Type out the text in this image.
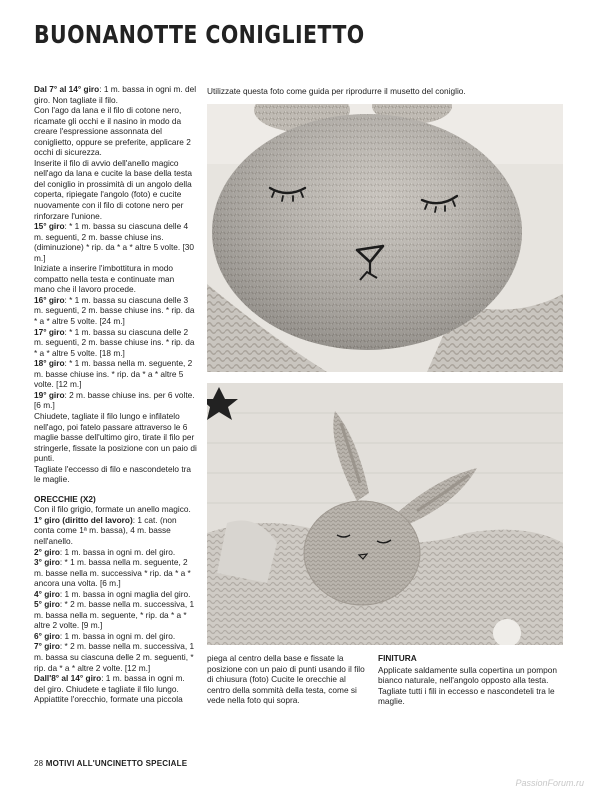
BUONANOTTE CONIGLIETTO

Dal 7° al 14° giro: 1 m. bassa in ogni m. del giro. Non tagliate il filo.

Con l'ago da lana e il filo di cotone nero, ricamate gli occhi e il nasino in modo da creare l'espressione assonnata del coniglietto, oppure se preferite, applicare 2 occhi di sicurezza.

Inserite il filo di avvio dell'anello magico nell'ago da lana e cucite la base della testa del coniglio in prossimità di un angolo della coperta, ripiegate l'angolo (foto) e cucite nuovamente con il filo di cotone nero per rinforzare l'unione.

15° giro: * 1 m. bassa su ciascuna delle 4 m. seguenti, 2 m. basse chiuse ins. (diminuzione) * rip. da * a * altre 5 volte. [30 m.]

Iniziate a inserire l'imbottitura in modo compatto nella testa e continuate man mano che il lavoro procede.

16° giro: * 1 m. bassa su ciascuna delle 3 m. seguenti, 2 m. basse chiuse ins. * rip. da * a * altre 5 volte. [24 m.]

17° giro: * 1 m. bassa su ciascuna delle 2 m. seguenti, 2 m. basse chiuse ins. * rip. da * a * altre 5 volte. [18 m.]

18° giro: * 1 m. bassa nella m. seguente, 2 m. basse chiuse ins. * rip. da * a * altre 5 volte. [12 m.]

19° giro: 2 m. basse chiuse ins. per 6 volte. [6 m.]

Chiudete, tagliate il filo lungo e infilatelo nell'ago, poi fatelo passare attraverso le 6 maglie basse dell'ultimo giro, tirate il filo per stringerle, fissate la posizione con un paio di punti.

Tagliate l'eccesso di filo e nascondetelo tra le maglie.

ORECCHIE (X2)

Con il filo grigio, formate un anello magico.

1° giro (diritto del lavoro): 1 cat. (non conta come 1ª m. bassa), 4 m. basse nell'anello.

2° giro: 1 m. bassa in ogni m. del giro.

3° giro: * 1 m. bassa nella m. seguente, 2 m. basse nella m. successiva * rip. da * a * ancora una volta. [6 m.]

4° giro: 1 m. bassa in ogni maglia del giro.

5° giro: * 2 m. basse nella m. successiva, 1 m. bassa nella m. seguente, * rip. da * a * altre 2 volte. [9 m.]

6° giro: 1 m. bassa in ogni m. del giro.

7° giro: * 2 m. basse nella m. successiva, 1 m. bassa su ciascuna delle 2 m. seguenti, * rip. da * a * altre 2 volte. [12 m.]

Dall'8° al 14° giro: 1 m. bassa in ogni m. del giro. Chiudete e tagliate il filo lungo. Appiattite l'orecchio, formate una piccola

Utilizzate questa foto come guida per riprodurre il musetto del coniglio.

piega al centro della base e fissate la posizione con un paio di punti usando il filo di chiusura (foto) Cucite le orecchie al centro della sommità della testa, come si vede nella foto qui sopra.

FINITURA

Applicate saldamente sulla copertina un pompon bianco naturale, nell'angolo opposto alla testa.

Tagliate tutti i fili in eccesso e nascondeteli tra le maglie.

28 MOTIVI ALL'UNCINETTO SPECIALE
PassionForum.ru
